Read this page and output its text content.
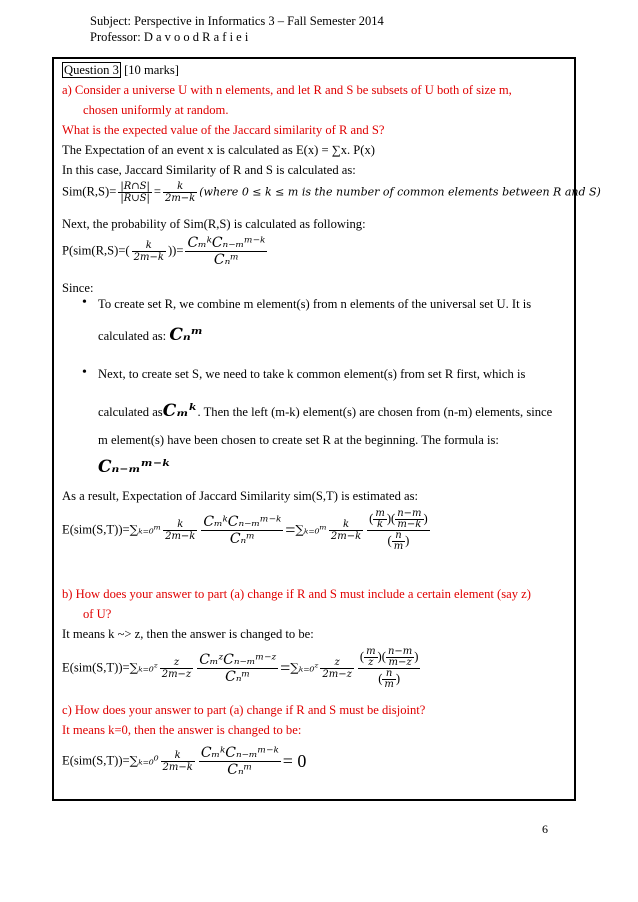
Subject: Perspective in Informatics 3 – Fall Semester 2014
Professor: D a v o o d R a f i e i
Question 3 [10 marks]
a) Consider a universe U with n elements, and let R and S be subsets of U both of size m,
chosen uniformly at random.
What is the expected value of the Jaccard similarity of R and S?
The Expectation of an event x is calculated as E(x) = ∑x. P(x)
In this case, Jaccard Similarity of R and S is calculated as:
$Sim(R,S)= \frac{|R\cap S|}{|R\cup S|} = \frac{k}{2m-k}$ (where 0 ≤ k ≤ m is the number of common elements between R and S)
Next, the probability of Sim(R,S) is calculated as following:
$P(sim(R,S)=( \frac{k}{2m-k}$ ))= CₘᵏCₙ₋ₘᵐ⁻ᵏ
Cₙᵐ
Since:
• To create set R, we combine m element(s) from n elements of the universal set U. It is
calculated as: Cₙᵐ
• Next, to create set S, we need to take k common element(s) from set R first, which is
calculated asCₘᵏ. Then the left (m-k) element(s) are chosen from (n-m) elements, since
m element(s) have been chosen to create set R at the beginning. The formula is:
Cₙ₋ₘᵐ⁻ᵏ
As a result, Expectation of Jaccard Similarity sim(S,T) is estimated as:
E(sim(S,T))=∑ₖ₌₀ᵐ $\frac{k}{2m-k}$ CₘᵏCₙ₋ₘᵐ⁻ᵏ
Cₙᵐ	=∑ₖ₌₀ᵐ $\frac{k}{2m-k} \frac{( \frac{m}{k} )( \frac{n-m}{m-k} )}{( \frac{n}{m} )}$
b) How does your answer to part (a) change if R and S must include a certain element (say z)
of U?
It means k ~> z, then the answer is changed to be:
E(sim(S,T))=∑ₖ₌₀ᶻ $\frac{z}{2m-z}$ CₘᶻCₙ₋ₘᵐ⁻ᶻ
Cₙᵐ	=∑ₖ₌₀ᶻ $\frac{z}{2m-z} \frac{( \frac{m}{z} )( \frac{n-m}{m-z} )}{( \frac{n}{m} )}$
c) How does your answer to part (a) change if R and S must be disjoint?
It means k=0, then the answer is changed to be:
$E(sim(S,T))=\sum_{k=0}^0 \frac{k}{2m-k}$ CₘᵏCₙ₋ₘᵐ⁻ᵏ
Cₙᵐ	= 0
6
